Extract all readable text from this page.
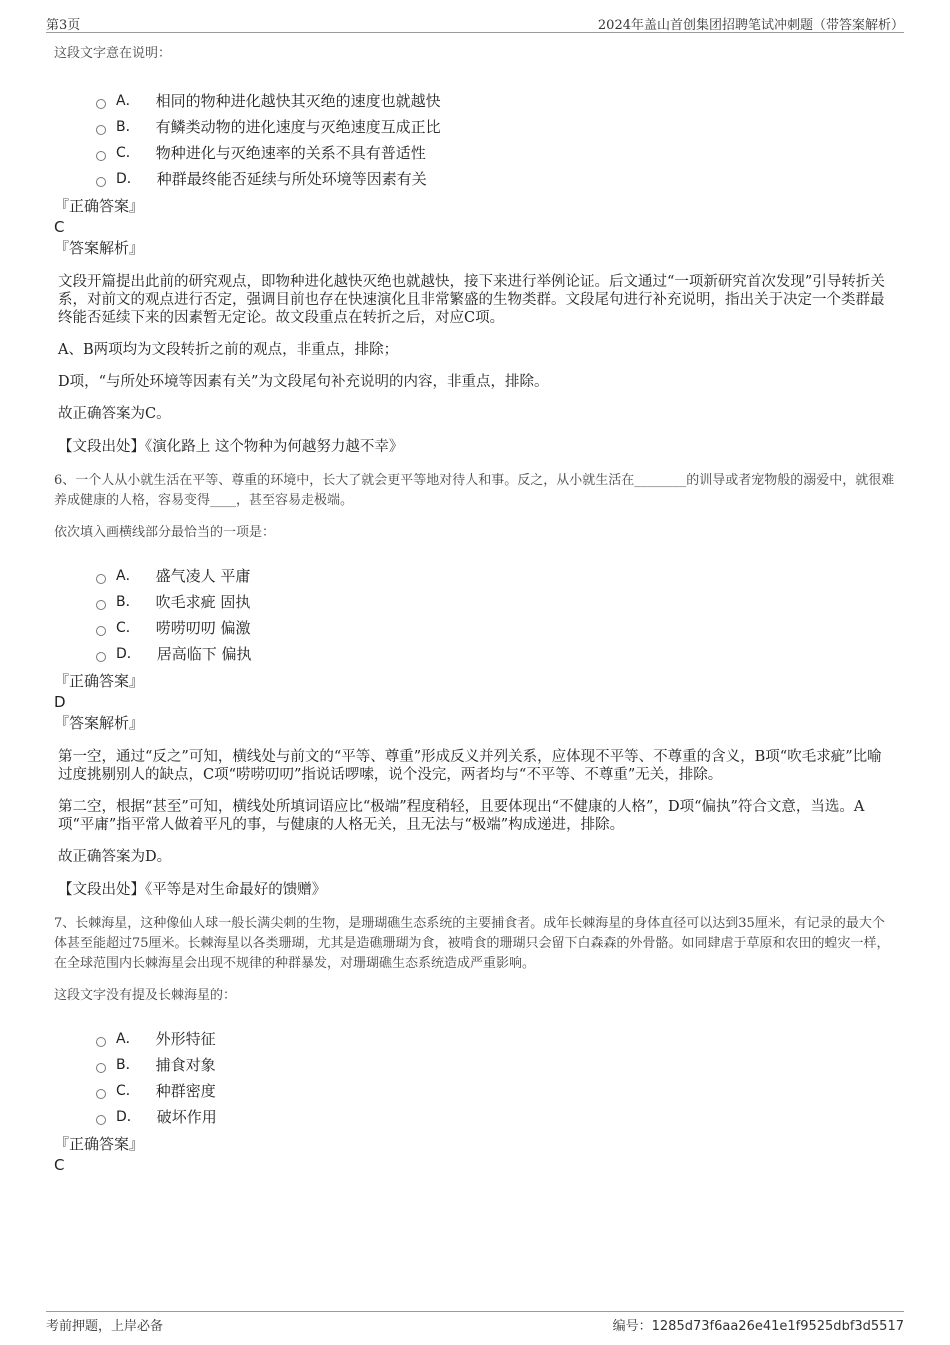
第3页	2024年盖山首创集团招聘笔试冲刺题（带答案解析）
这段文字意在说明：
A． 相同的物种进化越快其灭绝的速度也就越快
B． 有鳞类动物的进化速度与灭绝速度互成正比
C． 物种进化与灭绝速率的关系不具有普适性
D． 种群最终能否延续与所处环境等因素有关
『正确答案』
C
『答案解析』
文段开篇提出此前的研究观点，即物种进化越快灭绝也就越快，接下来进行举例论证。后文通过“一项新研究首次发现”引导转折关系，对前文的观点进行否定，强调目前也存在快速演化且非常繁盛的生物类群。文段尾句进行补充说明，指出关于决定一个类群最终能否延续下来的因素暂无定论。故文段重点在转折之后，对应C项。
A、B两项均为文段转折之前的观点，非重点，排除；
D项，“与所处环境等因素有关”为文段尾句补充说明的内容，非重点，排除。
故正确答案为C。
【文段出处】《演化路上 这个物种为何越努力越不幸》
6、一个人从小就生活在平等、尊重的环境中，长大了就会更平等地对待人和事。反之，从小就生活在________的训导或者宠物般的溺爱中，就很难养成健康的人格，容易变得____，甚至容易走极端。
依次填入画横线部分最恰当的一项是：
A． 盛气凌人 平庸
B． 吹毛求疵 固执
C． 唠唠叨叨 偏激
D． 居高临下 偏执
『正确答案』
D
『答案解析』
第一空，通过“反之”可知，横线处与前文的“平等、尊重”形成反义并列关系，应体现不平等、不尊重的含义，B项“吹毛求疵”比喻过度挑剔别人的缺点，C项“唠唠叨叨”指说话啰嗦，说个没完，两者均与“不平等、不尊重”无关，排除。
第二空，根据“甚至”可知，横线处所填词语应比“极端”程度稍轻，且要体现出“不健康的人格”，D项“偏执”符合文意，当选。A项“平庸”指平常人做着平凡的事，与健康的人格无关，且无法与“极端”构成递进，排除。
故正确答案为D。
【文段出处】《平等是对生命最好的馈赠》
7、长棘海星，这种像仙人球一般长满尖刺的生物，是珊瑚礁生态系统的主要捕食者。成年长棘海星的身体直径可以达到35厘米，有记录的最大个体甚至能超过75厘米。长棘海星以各类珊瑚，尤其是造礁珊瑚为食，被啃食的珊瑚只会留下白森森的外骨骼。如同肆虐于草原和农田的蝗灾一样，在全球范围内长棘海星会出现不规律的种群暴发，对珊瑚礁生态系统造成严重影响。
这段文字没有提及长棘海星的：
A． 外形特征
B． 捕食对象
C． 种群密度
D． 破坏作用
『正确答案』
C
考前押题，上岸必备	编号：1285d73f6aa26e41e1f9525dbf3d5517
